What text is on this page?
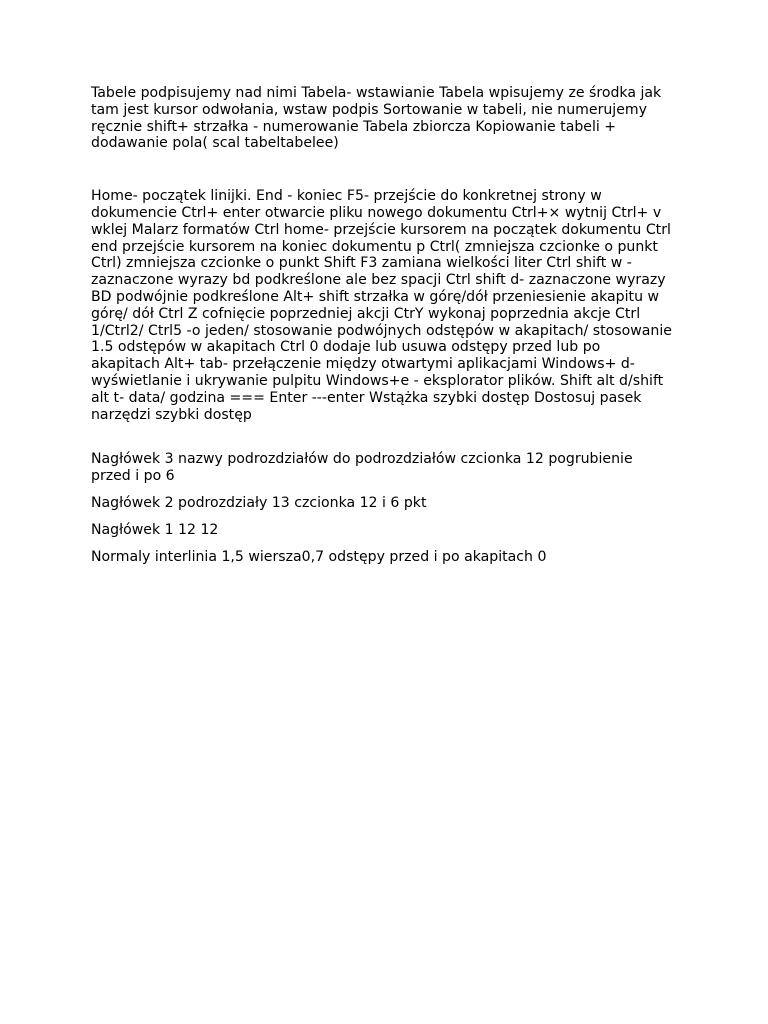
Tabele podpisujemy nad nimi Tabela- wstawianie Tabela wpisujemy ze środka jak
tam jest kursor odwołania, wstaw podpis Sortowanie w tabeli, nie numerujemy
ręcznie shift+ strzałka - numerowanie Tabela zbiorcza Kopiowanie tabeli +
dodawanie pola( scal tabeltabelee)

Home- początek linijki. End - koniec F5- przejście do konkretnej strony w
dokumencie Ctrl+ enter otwarcie pliku nowego dokumentu Ctrl+× wytnij Ctrl+ v
wklej Malarz formatów Ctrl home- przejście kursorem na początek dokumentu Ctrl
end przejście kursorem na koniec dokumentu p Ctrl( zmniejsza czcionke o punkt
Ctrl) zmniejsza czcionke o punkt Shift F3 zamiana wielkości liter Ctrl shift w -
zaznaczone wyrazy bd podkreślone ale bez spacji Ctrl shift d- zaznaczone wyrazy
BD podwójnie podkreślone Alt+ shift strzałka w górę/dół przeniesienie akapitu w
górę/ dół Ctrl Z cofnięcie poprzedniej akcji CtrY wykonaj poprzednia akcje Ctrl
1/Ctrl2/ Ctrl5 -o jeden/ stosowanie podwójnych odstępów w akapitach/ stosowanie
1.5 odstępów w akapitach Ctrl 0 dodaje lub usuwa odstępy przed lub po
akapitach Alt+ tab- przełączenie między otwartymi aplikacjami Windows+ d-
wyświetlanie i ukrywanie pulpitu Windows+e - eksplorator plików. Shift alt d/shift
alt t- data/ godzina === Enter ---enter Wstążka szybki dostęp Dostosuj pasek
narzędzi szybki dostęp

Nagłówek 3 nazwy podrozdziałów do podrozdziałów czcionka 12 pogrubienie
przed i po 6

Nagłówek 2 podrozdziały 13 czcionka 12 i 6 pkt

Nagłówek 1 12 12

Normaly interlinia 1,5 wiersza0,7 odstępy przed i po akapitach 0
